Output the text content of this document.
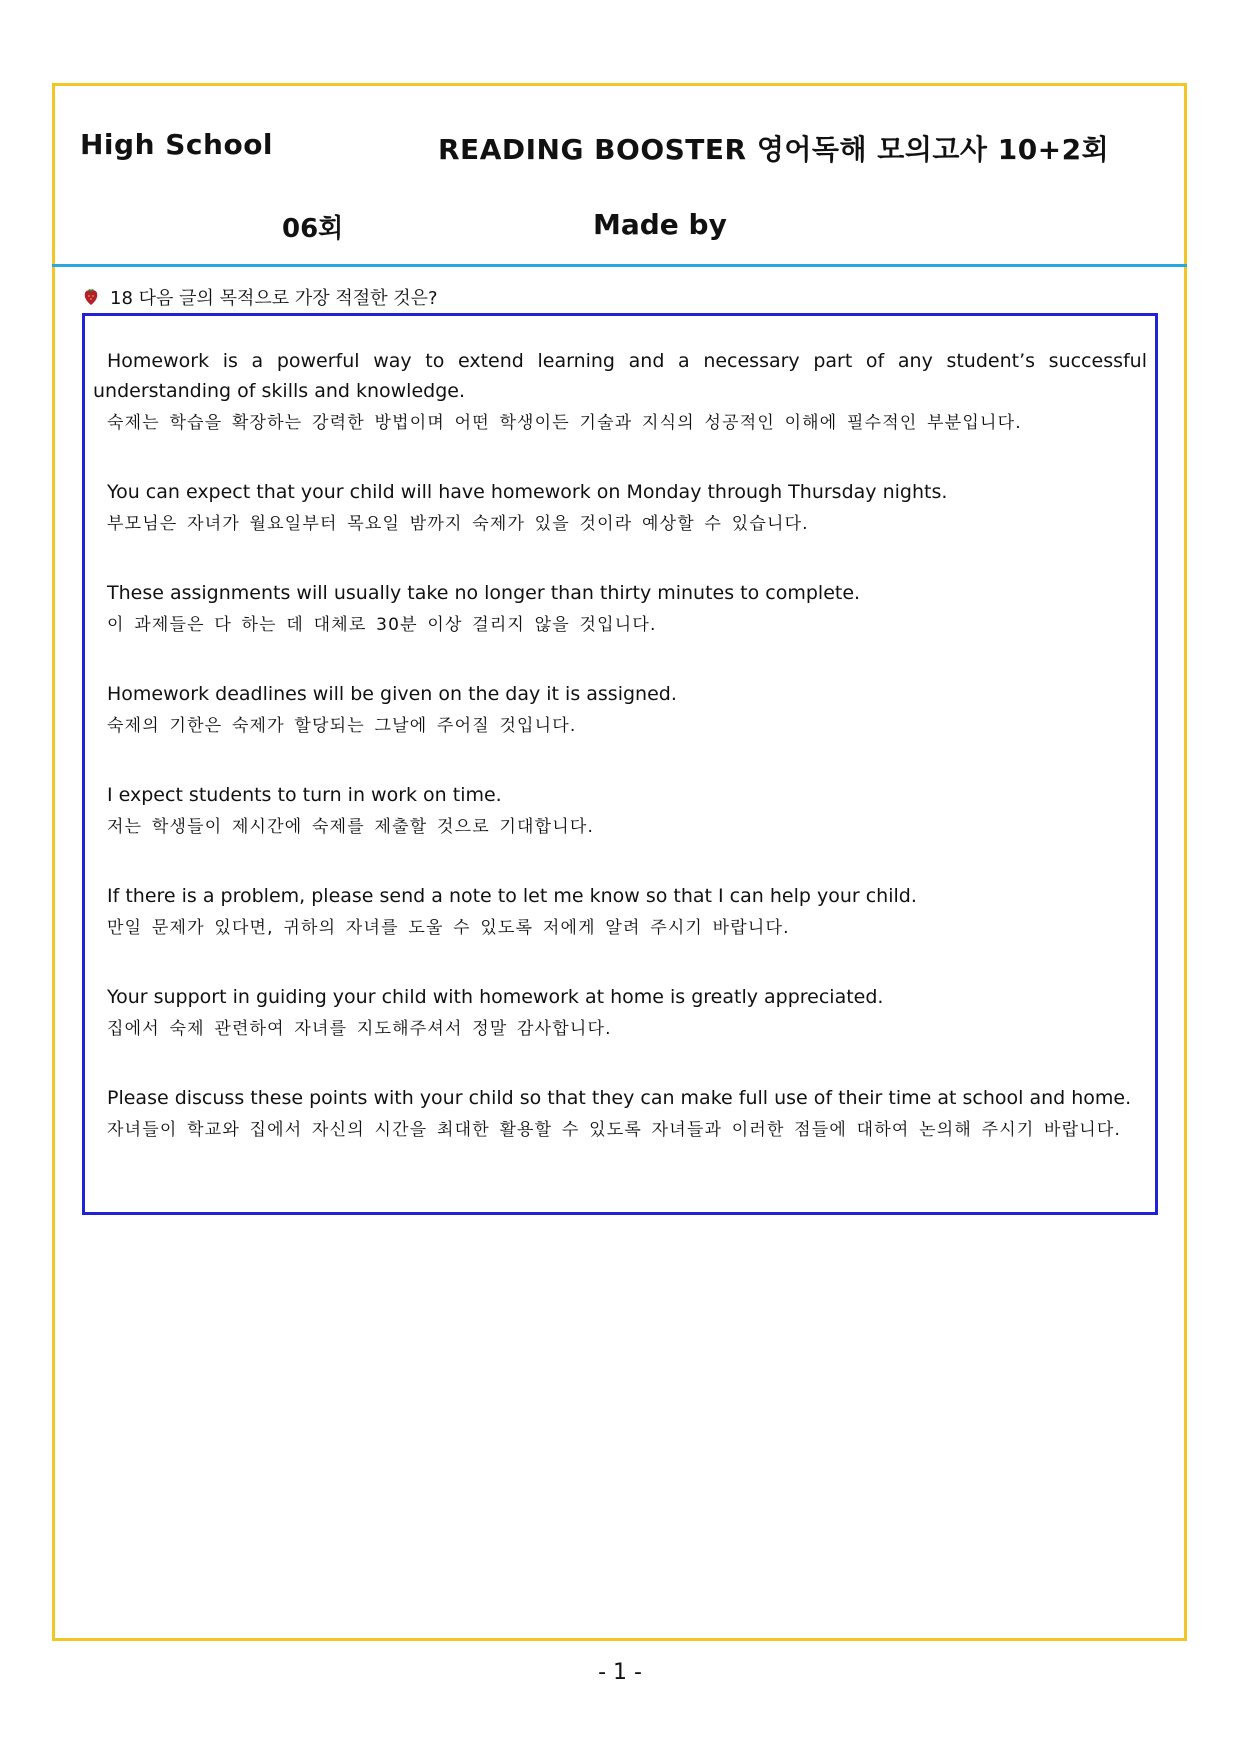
High School	READING BOOSTER 영어독해 모의고사 10+2회
06회	Made by
18 다음 글의 목적으로 가장 적절한 것은?

Homework is a powerful way to extend learning and a necessary part of any student’s successful understanding of skills and knowledge.

숙제는 학습을 확장하는 강력한 방법이며 어떤 학생이든 기술과 지식의 성공적인 이해에 필수적인 부분입니다.

You can expect that your child will have homework on Monday through Thursday nights.

부모님은 자녀가 월요일부터 목요일 밤까지 숙제가 있을 것이라 예상할 수 있습니다.

These assignments will usually take no longer than thirty minutes to complete.

이 과제들은 다 하는 데 대체로 30분 이상 걸리지 않을 것입니다.

Homework deadlines will be given on the day it is assigned.

숙제의 기한은 숙제가 할당되는 그날에 주어질 것입니다.

I expect students to turn in work on time.

저는 학생들이 제시간에 숙제를 제출할 것으로 기대합니다.

If there is a problem, please send a note to let me know so that I can help your child.

만일 문제가 있다면, 귀하의 자녀를 도울 수 있도록 저에게 알려 주시기 바랍니다.

Your support in guiding your child with homework at home is greatly appreciated.

집에서 숙제 관련하여 자녀를 지도해주셔서 정말 감사합니다.

Please discuss these points with your child so that they can make full use of their time at school and home.

자녀들이 학교와 집에서 자신의 시간을 최대한 활용할 수 있도록 자녀들과 이러한 점들에 대하여 논의해 주시기 바랍니다.

- 1 -
